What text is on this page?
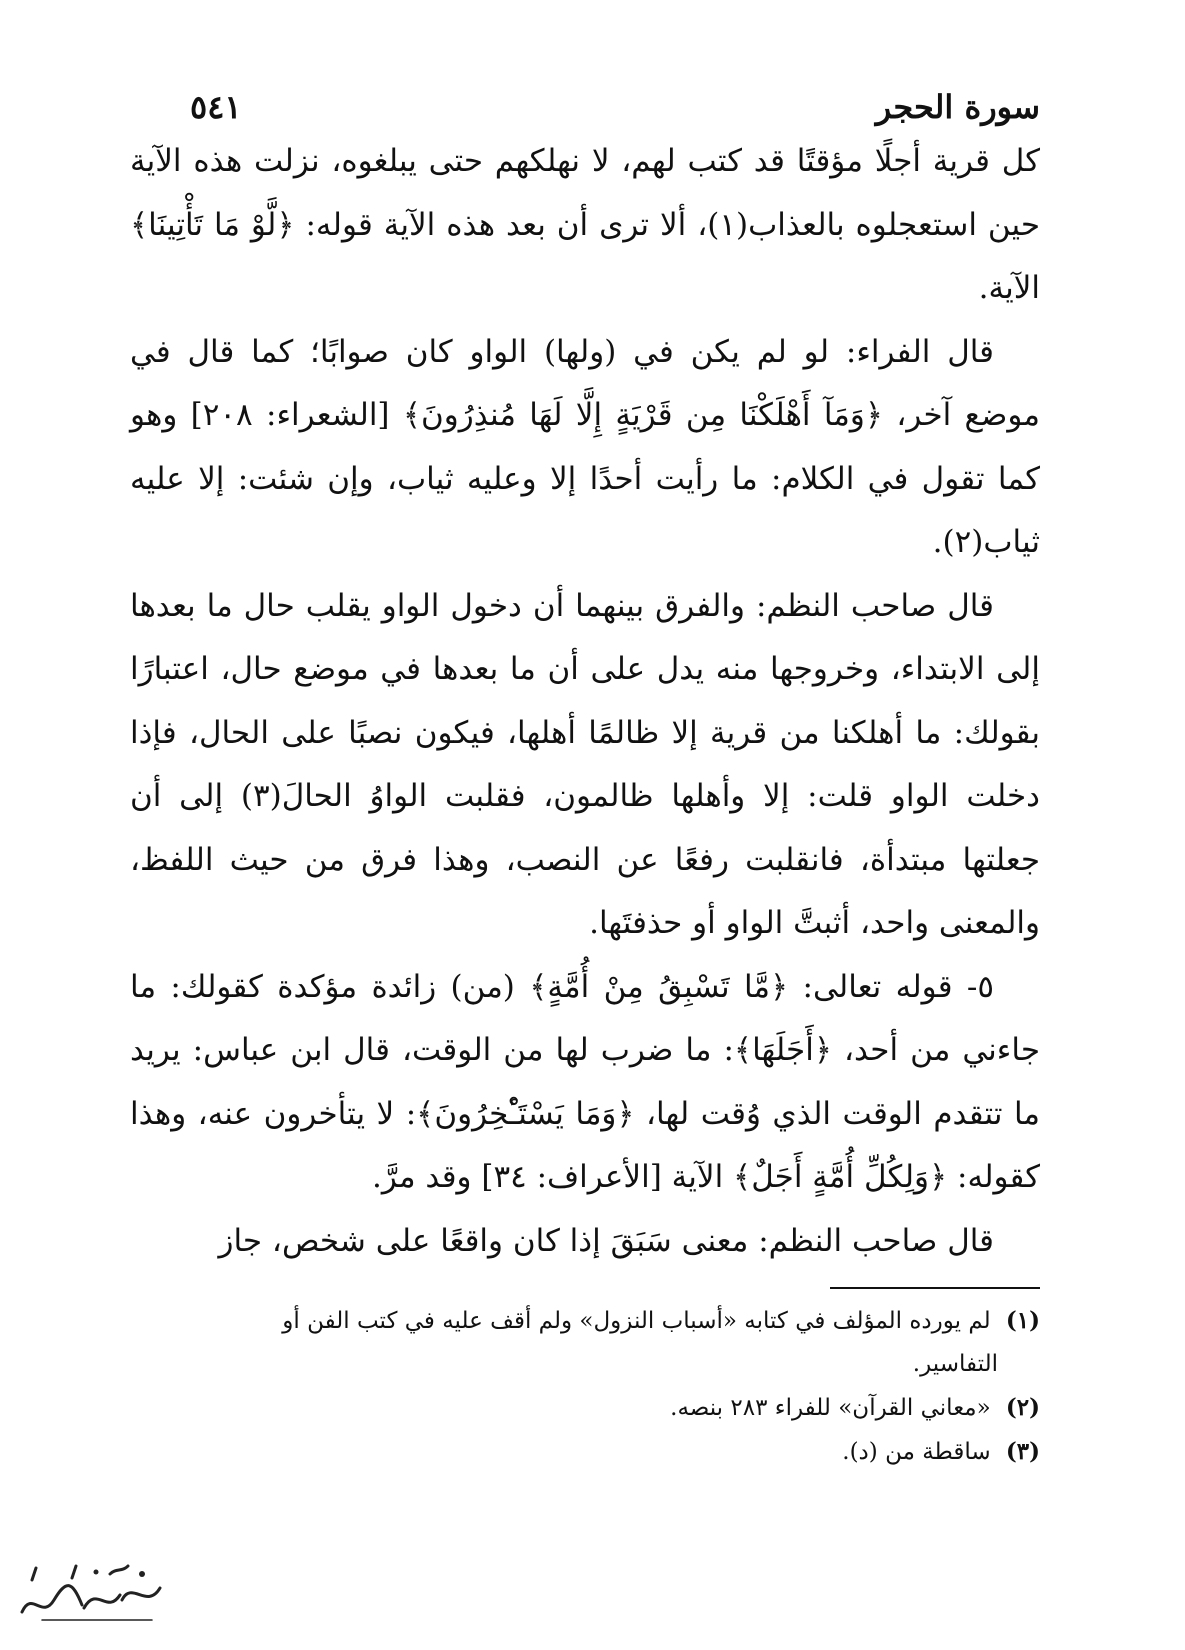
سورة الحجر
٥٤١

كل قرية أجلًا مؤقتًا قد كتب لهم، لا نهلكهم حتى يبلغوه، نزلت هذه الآية حين استعجلوه بالعذاب(١)، ألا ترى أن بعد هذه الآية قوله: ﴿لَّوْ مَا تَأْتِينَا﴾ الآية.

قال الفراء: لو لم يكن في (ولها) الواو كان صوابًا؛ كما قال في موضع آخر، ﴿وَمَآ أَهْلَكْنَا مِن قَرْيَةٍ إِلَّا لَهَا مُنذِرُونَ﴾ [الشعراء: ٢٠٨] وهو كما تقول في الكلام: ما رأيت أحدًا إلا وعليه ثياب، وإن شئت: إلا عليه ثياب(٢).

قال صاحب النظم: والفرق بينهما أن دخول الواو يقلب حال ما بعدها إلى الابتداء، وخروجها منه يدل على أن ما بعدها في موضع حال، اعتبارًا بقولك: ما أهلكنا من قرية إلا ظالمًا أهلها، فيكون نصبًا على الحال، فإذا دخلت الواو قلت: إلا وأهلها ظالمون، فقلبت الواوُ الحالَ(٣) إلى أن جعلتها مبتدأة، فانقلبت رفعًا عن النصب، وهذا فرق من حيث اللفظ، والمعنى واحد، أثبتَّ الواو أو حذفتَها.

٥- قوله تعالى: ﴿مَّا تَسْبِقُ مِنْ أُمَّةٍ﴾ (من) زائدة مؤكدة كقولك: ما جاءني من أحد، ﴿أَجَلَهَا﴾: ما ضرب لها من الوقت، قال ابن عباس: يريد ما تتقدم الوقت الذي وُقت لها، ﴿وَمَا يَسْتَـْٔخِرُونَ﴾: لا يتأخرون عنه، وهذا كقوله: ﴿وَلِكُلِّ أُمَّةٍ أَجَلٌ﴾ الآية [الأعراف: ٣٤] وقد مرَّ.

قال صاحب النظم: معنى سَبَقَ إذا كان واقعًا على شخص، جاز

(١) لم يورده المؤلف في كتابه «أسباب النزول» ولم أقف عليه في كتب الفن أو

التفاسير.

(٢) «معاني القرآن» للفراء ٢٨٣ بنصه.

(٣) ساقطة من (د).
